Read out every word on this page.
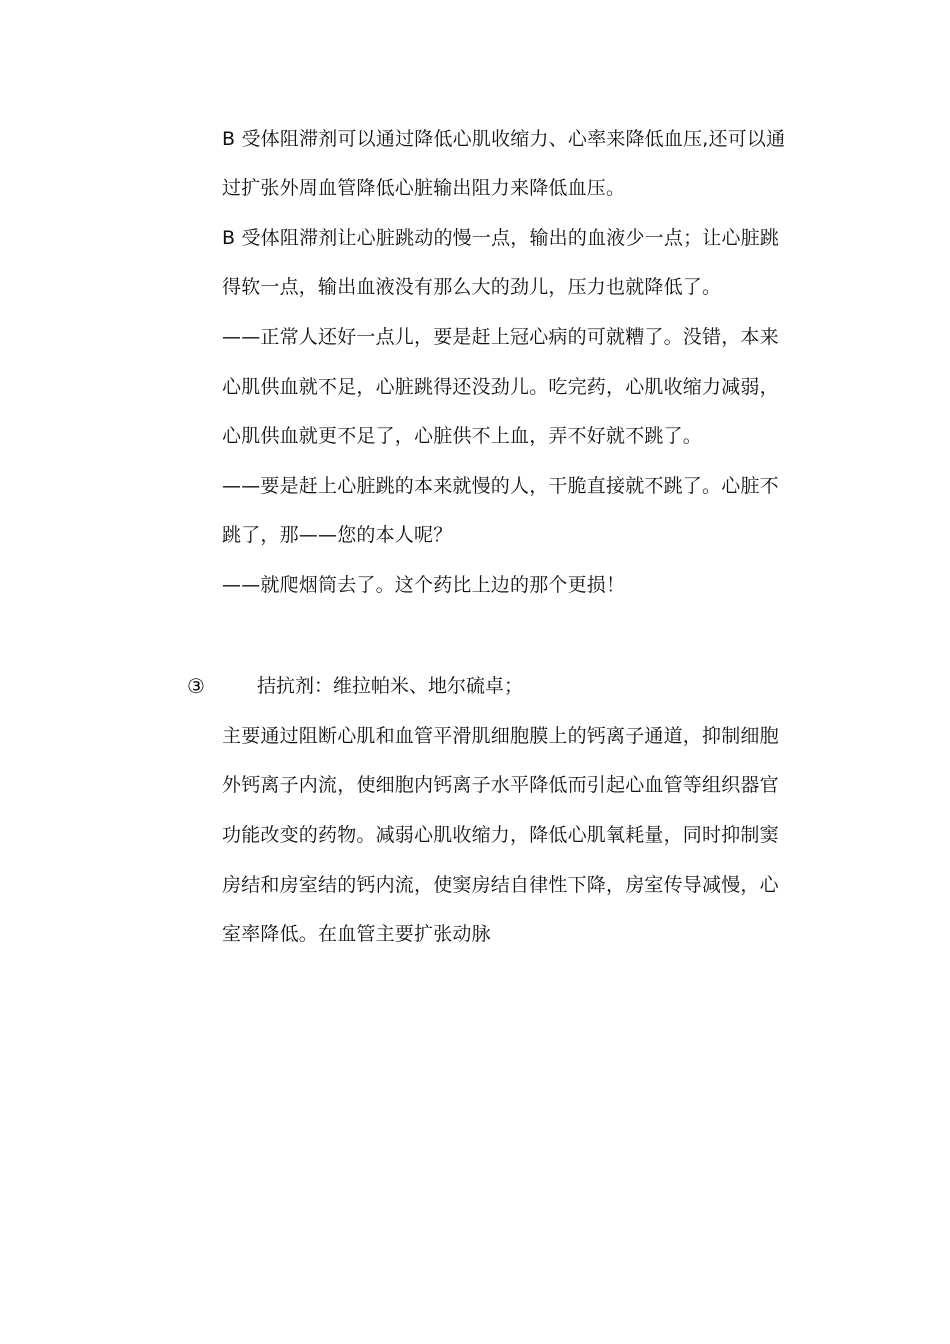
B 受体阻滞剂可以通过降低心肌收缩力、心率来降低血压,还可以通
过扩张外周血管降低心脏输出阻力来降低血压。
B 受体阻滞剂让心脏跳动的慢一点，输出的血液少一点；让心脏跳
得软一点，输出血液没有那么大的劲儿，压力也就降低了。
——正常人还好一点儿，要是赶上冠心病的可就糟了。没错，本来
心肌供血就不足，心脏跳得还没劲儿。吃完药，心肌收缩力减弱，
心肌供血就更不足了，心脏供不上血，弄不好就不跳了。
——要是赶上心脏跳的本来就慢的人，干脆直接就不跳了。心脏不
跳了，那——您的本人呢？
——就爬烟筒去了。这个药比上边的那个更损！
③	拮抗剂：维拉帕米、地尔硫卓；
主要通过阻断心肌和血管平滑肌细胞膜上的钙离子通道，抑制细胞
外钙离子内流，使细胞内钙离子水平降低而引起心血管等组织器官
功能改变的药物。减弱心肌收缩力，降低心肌氧耗量，同时抑制窦
房结和房室结的钙内流，使窦房结自律性下降，房室传导减慢，心
室率降低。在血管主要扩张动脉
